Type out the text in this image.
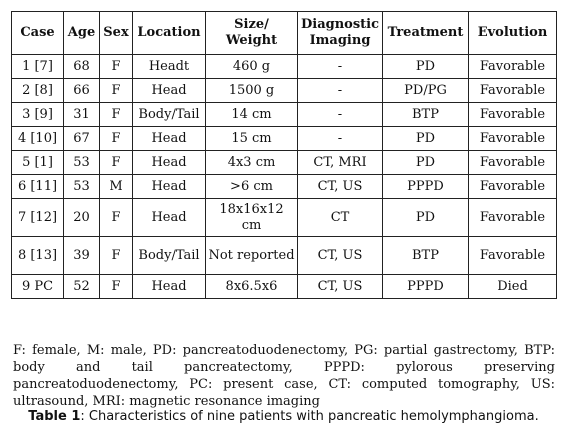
Case	Age	Sex	Location	Size/ Weight	Diagnostic Imaging	Treatment	Evolution
1 [7]	68	F	Headt	460 g	-	PD	Favorable
2 [8]	66	F	Head	1500 g	-	PD/PG	Favorable
3 [9]	31	F	Body/Tail	14 cm	-	BTP	Favorable
4 [10]	67	F	Head	15 cm	-	PD	Favorable
5 [1]	53	F	Head	4x3 cm	CT, MRI	PD	Favorable
6 [11]	53	M	Head	>6 cm	CT, US	PPPD	Favorable
7 [12]	20	F	Head	18x16x12 cm	CT	PD	Favorable
8 [13]	39	F	Body/Tail	Not reported	CT, US	BTP	Favorable
9 PC	52	F	Head	8x6.5x6	CT, US	PPPD	Died

F: female, M: male, PD: pancreatoduodenectomy, PG: partial gastrectomy, BTP: body and tail pancreatectomy, PPPD: pylorous preserving pancreatoduodenectomy, PC: present case, CT: computed tomography, US: ultrasound, MRI: magnetic resonance imaging

Table 1: Characteristics of nine patients with pancreatic hemolymphangioma.
